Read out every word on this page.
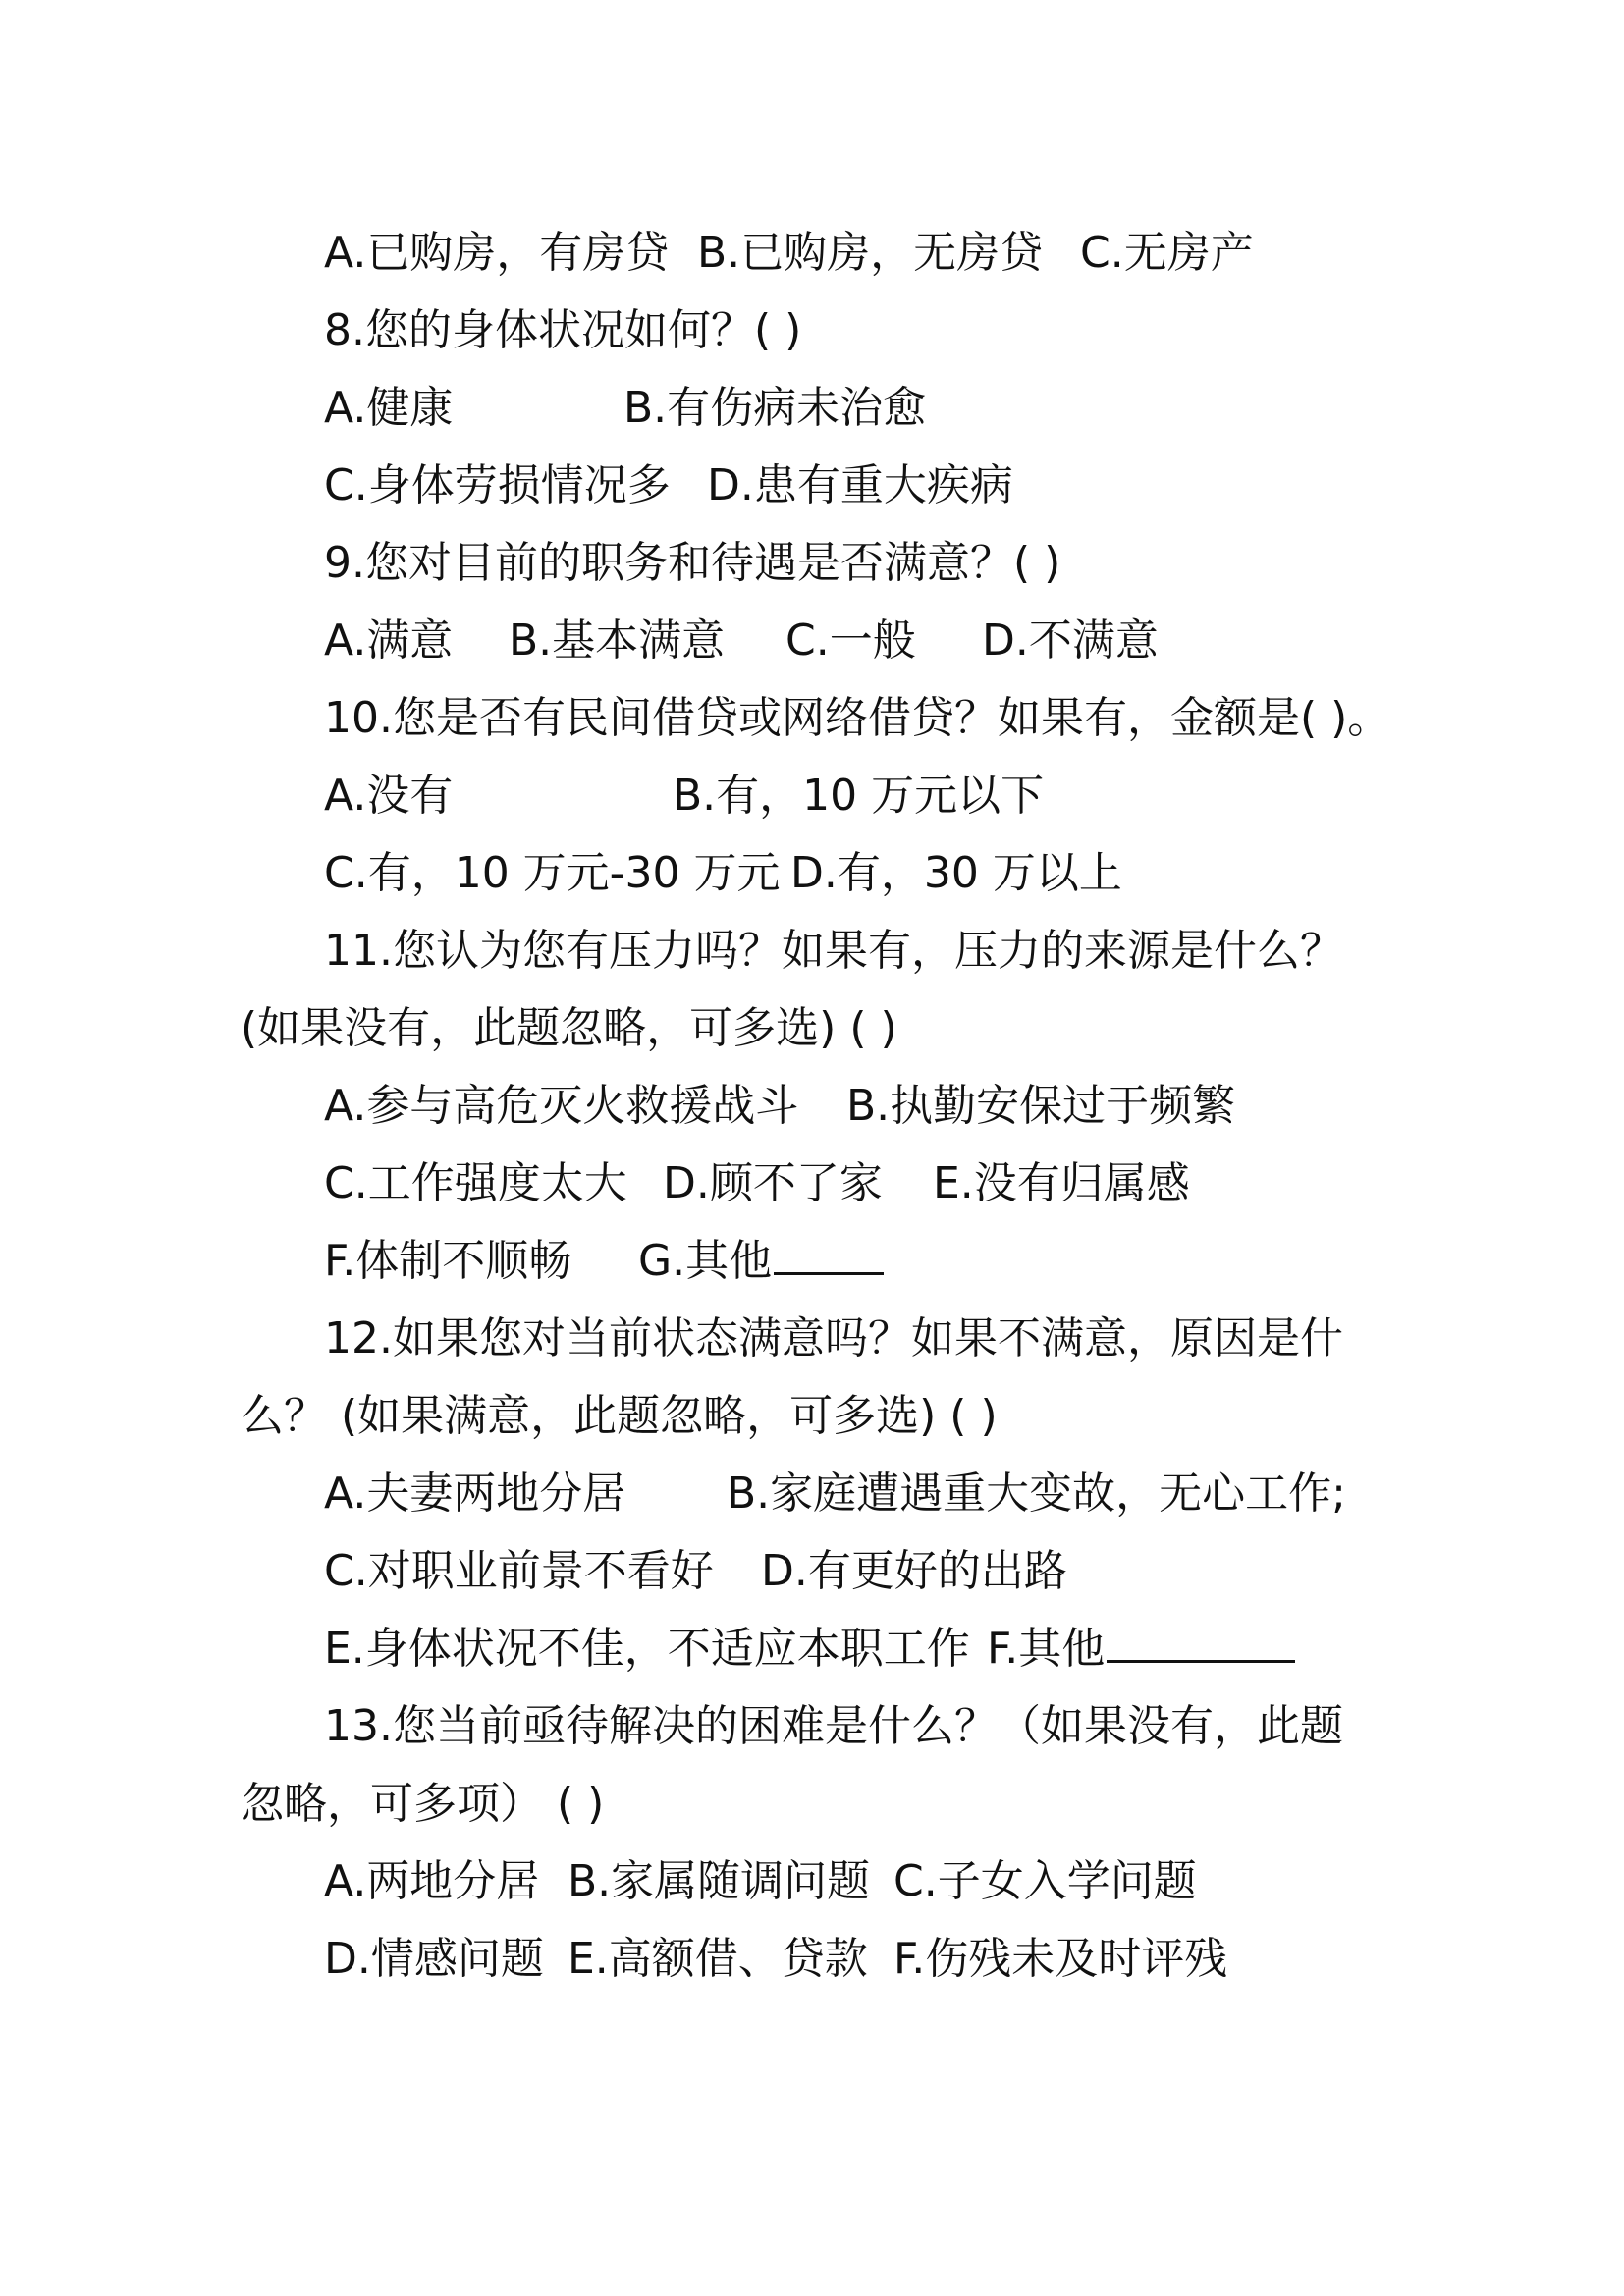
A.已购房，有房贷 B.已购房，无房贷 C.无房产
8.您的身体状况如何？( )
A.健康	B.有伤病未治愈
C.身体劳损情况多 D.患有重大疾病
9.您对目前的职务和待遇是否满意？( )
A.满意 B.基本满意 C.一般 D.不满意
10.您是否有民间借贷或网络借贷？如果有，金额是( )。
A.没有	B.有，10 万元以下
C.有，10 万元-30 万元 D.有，30 万以上
11.您认为您有压力吗？如果有，压力的来源是什么？
(如果没有，此题忽略，可多选) ( )
A.参与高危灭火救援战斗 B.执勤安保过于频繁
C.工作强度太大 D.顾不了家 E.没有归属感
F.体制不顺畅 G.其他
12.如果您对当前状态满意吗？如果不满意，原因是什
么？ (如果满意，此题忽略，可多选) ( )
A.夫妻两地分居 B.家庭遭遇重大变故，无心工作;
C.对职业前景不看好 D.有更好的出路
E.身体状况不佳，不适应本职工作 F.其他
13.您当前亟待解决的困难是什么？（如果没有，此题
忽略，可多项） ( )
A.两地分居 B.家属随调问题 C.子女入学问题
D.情感问题 E.高额借、贷款 F.伤残未及时评残
